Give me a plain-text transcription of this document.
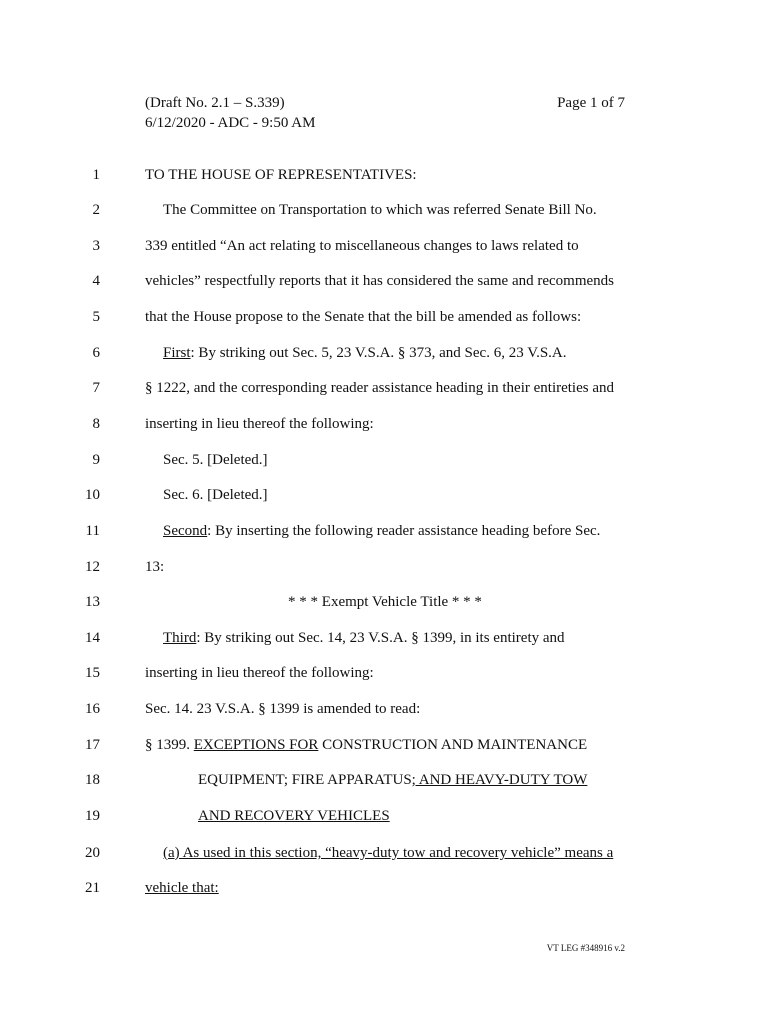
(Draft No. 2.1 – S.339)
6/12/2020 - ADC - 9:50 AM
Page 1 of 7
1	TO THE HOUSE OF REPRESENTATIVES:
2	The Committee on Transportation to which was referred Senate Bill No.
3	339 entitled “An act relating to miscellaneous changes to laws related to
4	vehicles” respectfully reports that it has considered the same and recommends
5	that the House propose to the Senate that the bill be amended as follows:
6	First: By striking out Sec. 5, 23 V.S.A. § 373, and Sec. 6, 23 V.S.A.
7	§ 1222, and the corresponding reader assistance heading in their entireties and
8	inserting in lieu thereof the following:
9	Sec. 5. [Deleted.]
10	Sec. 6. [Deleted.]
11	Second: By inserting the following reader assistance heading before Sec.
12	13:
13	* * * Exempt Vehicle Title * * *
14	Third: By striking out Sec. 14, 23 V.S.A. § 1399, in its entirety and
15	inserting in lieu thereof the following:
16	Sec. 14. 23 V.S.A. § 1399 is amended to read:
17	§ 1399. EXCEPTIONS FOR CONSTRUCTION AND MAINTENANCE
18	EQUIPMENT; FIRE APPARATUS; AND HEAVY-DUTY TOW
19	AND RECOVERY VEHICLES
20	(a) As used in this section, “heavy-duty tow and recovery vehicle” means a
21	vehicle that:
VT LEG #348916 v.2
